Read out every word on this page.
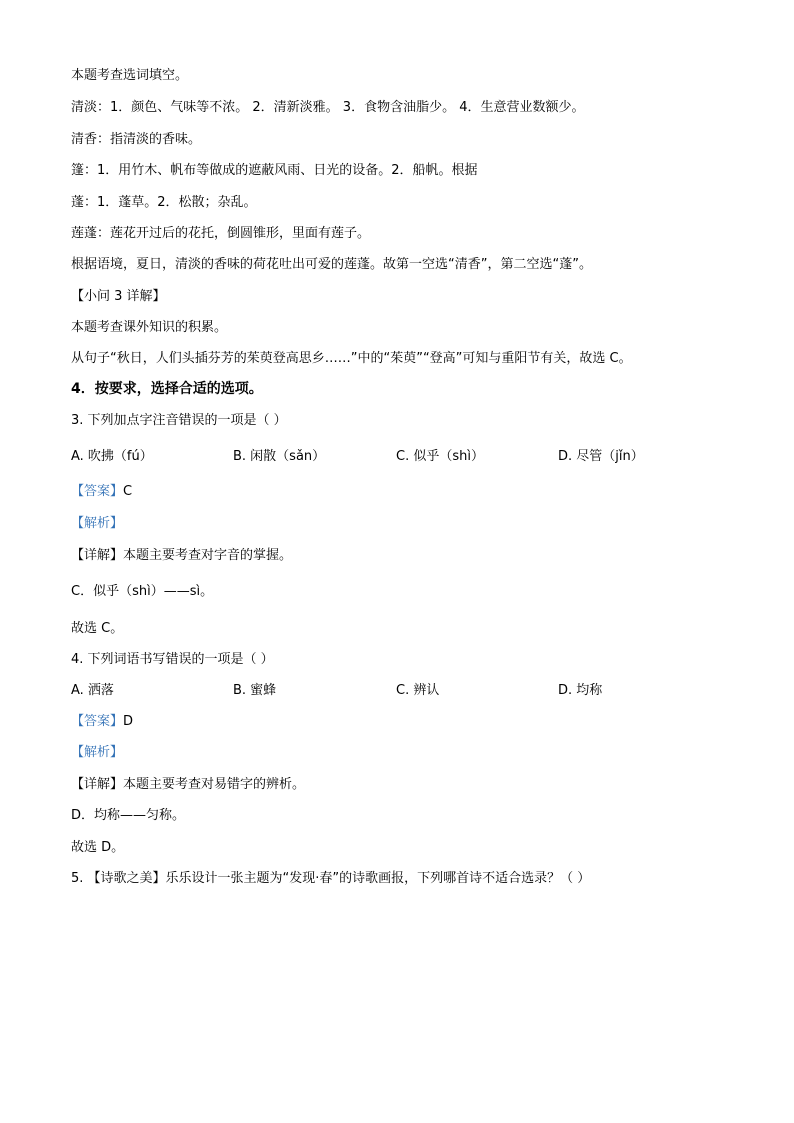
本题考查选词填空。
清淡：1．颜色、气味等不浓。 2．清新淡雅。 3．食物含油脂少。 4．生意营业数额少。
清香：指清淡的香味。
篷：1．用竹木、帆布等做成的遮蔽风雨、日光的设备。2．船帆。根据
蓬：1．蓬草。2．松散；杂乱。
莲蓬：莲花开过后的花托，倒圆锥形，里面有莲子。
根据语境，夏日，清淡的香味的荷花吐出可爱的莲蓬。故第一空选“清香”，第二空选“蓬”。
【小问 3 详解】
本题考查课外知识的积累。
从句子“秋日，人们头插芬芳的茱萸登高思乡……”中的“茱萸”“登高”可知与重阳节有关，故选 C。
4．按要求，选择合适的选项。
3. 下列加点字注音错误的一项是（ ）
A. 吹拂（fú）	B. 闲散（sǎn）	C. 似乎（shì）	D. 尽管（jǐn）
【答案】C
【解析】
【详解】本题主要考查对字音的掌握。
C．似乎（shì）——sì。
故选 C。
4. 下列词语书写错误的一项是（ ）
A. 洒落	B. 蜜蜂	C. 辨认	D. 均称
【答案】D
【解析】
【详解】本题主要考查对易错字的辨析。
D．均称——匀称。
故选 D。
5. 【诗歌之美】乐乐设计一张主题为“发现·春”的诗歌画报，下列哪首诗不适合选录？（ ）
